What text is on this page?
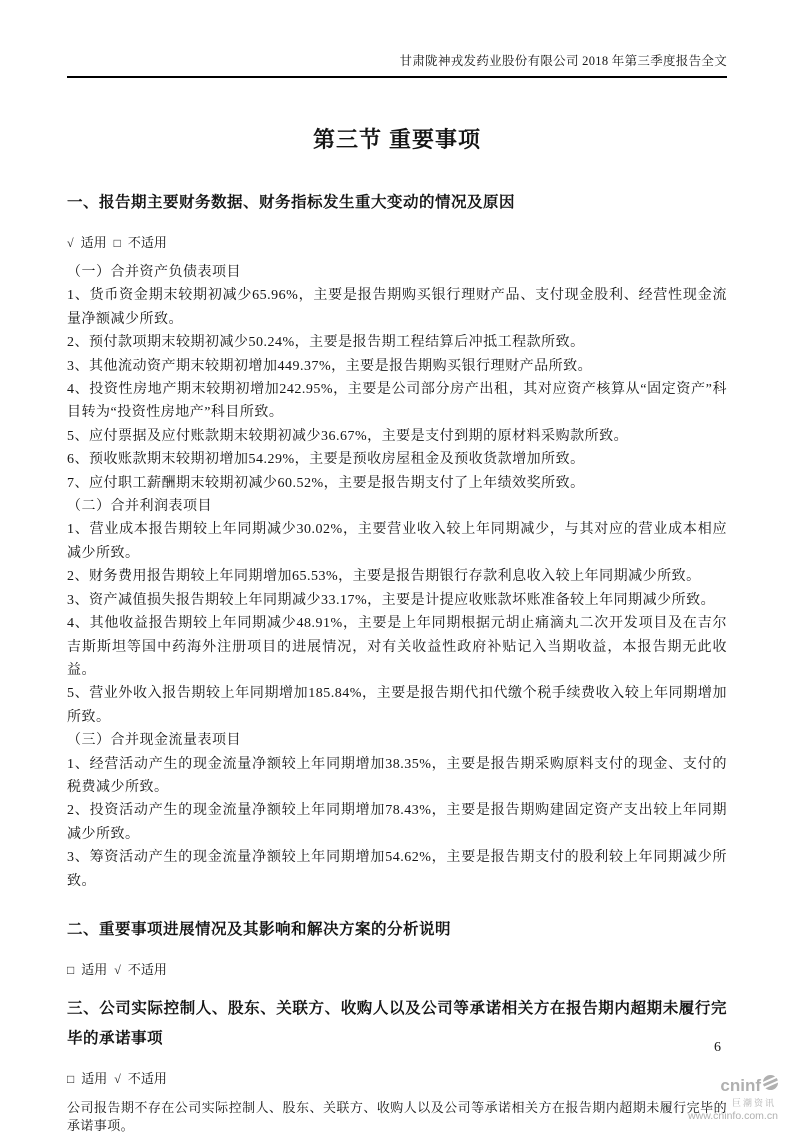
甘肃陇神戎发药业股份有限公司 2018 年第三季度报告全文
第三节 重要事项
一、报告期主要财务数据、财务指标发生重大变动的情况及原因
√ 适用 □ 不适用

（一）合并资产负债表项目

1、货币资金期末较期初减少65.96%，主要是报告期购买银行理财产品、支付现金股利、经营性现金流量净额减少所致。

2、预付款项期末较期初减少50.24%，主要是报告期工程结算后冲抵工程款所致。

3、其他流动资产期末较期初增加449.37%，主要是报告期购买银行理财产品所致。

4、投资性房地产期末较期初增加242.95%，主要是公司部分房产出租，其对应资产核算从“固定资产”科目转为“投资性房地产”科目所致。

5、应付票据及应付账款期末较期初减少36.67%，主要是支付到期的原材料采购款所致。

6、预收账款期末较期初增加54.29%，主要是预收房屋租金及预收货款增加所致。

7、应付职工薪酬期末较期初减少60.52%，主要是报告期支付了上年绩效奖所致。

（二）合并利润表项目

1、营业成本报告期较上年同期减少30.02%，主要营业收入较上年同期减少，与其对应的营业成本相应减少所致。

2、财务费用报告期较上年同期增加65.53%，主要是报告期银行存款利息收入较上年同期减少所致。

3、资产减值损失报告期较上年同期减少33.17%，主要是计提应收账款坏账准备较上年同期减少所致。

4、其他收益报告期较上年同期减少48.91%，主要是上年同期根据元胡止痛滴丸二次开发项目及在吉尔吉斯斯坦等国中药海外注册项目的进展情况，对有关收益性政府补贴记入当期收益，本报告期无此收益。

5、营业外收入报告期较上年同期增加185.84%，主要是报告期代扣代缴个税手续费收入较上年同期增加所致。

（三）合并现金流量表项目

1、经营活动产生的现金流量净额较上年同期增加38.35%，主要是报告期采购原料支付的现金、支付的税费减少所致。

2、投资活动产生的现金流量净额较上年同期增加78.43%，主要是报告期购建固定资产支出较上年同期减少所致。

3、筹资活动产生的现金流量净额较上年同期增加54.62%，主要是报告期支付的股利较上年同期减少所致。

二、重要事项进展情况及其影响和解决方案的分析说明
□ 适用 √ 不适用
三、公司实际控制人、股东、关联方、收购人以及公司等承诺相关方在报告期内超期未履行完毕的承诺事项
□ 适用 √ 不适用
公司报告期不存在公司实际控制人、股东、关联方、收购人以及公司等承诺相关方在报告期内超期未履行完毕的承诺事项。
6
cninf
巨潮资讯
www.cninfo.com.cn
